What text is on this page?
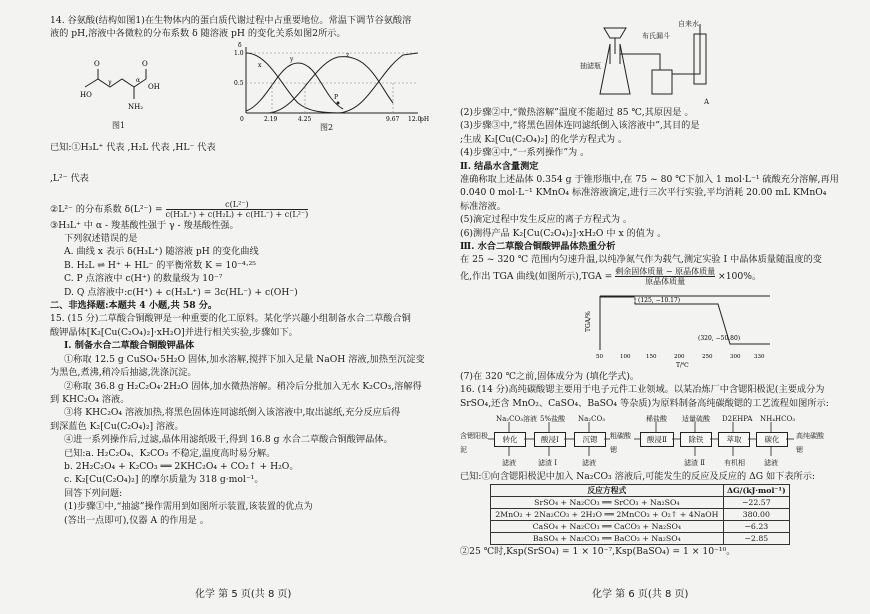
14. 谷氨酸(结构如图1)在生物体内的蛋白质代谢过程中占重要地位。常温下调节谷氨酸溶
液的 pH,溶液中各微粒的分布系数 δ 随溶液 pH 的变化关系如图2所示。
HO
O	O
OH
NH₂
γ	α
图1
1.0
0.5
δ
0	2.19	4.25	9.67 12.0
pH
x
y
z
P
图2
已知:①H₃L⁺ 代表 ,H₂L 代表 ,HL⁻ 代表
,L²⁻ 代表
②L²⁻ 的分布系数 $\delta(L^{2-}) = \frac{\text{c(L²⁻)}}{\text{c(H₃L⁺) + c(H₂L) + c(HL⁻) + c(L²⁻)}}$
③H₃L⁺ 中 α - 羧基酸性强于 γ - 羧基酸性强。
下列叙述错误的是
A. 曲线 x 表示 δ(H₃L⁺) 随溶液 pH 的变化曲线
B. H₂L ⇌ H⁺ + HL⁻ 的平衡常数 K = 10⁻⁴·²⁵
C. P 点溶液中 c(H⁺) 的数量级为 10⁻⁷
D. Q 点溶液中:c(H⁺) + c(H₃L⁺) = 3c(HL⁻) + c(OH⁻)
二、非选择题:本题共 4 小题,共 58 分。
15. (15 分)二草酸合铜酸钾是一种重要的化工原料。某化学兴趣小组制备水合二草酸合铜
酸钾晶体[K₂[Cu(C₂O₄)₂]·xH₂O]并进行相关实验,步骤如下。
Ⅰ. 制备水合二草酸合铜酸钾晶体
①称取 12.5 g CuSO₄·5H₂O 固体,加水溶解,搅拌下加入足量 NaOH 溶液,加热至沉淀变
为黑色,煮沸,稍冷后抽滤,洗涤沉淀。
②称取 36.8 g H₂C₂O₄·2H₂O 固体,加水微热溶解。稍冷后分批加入无水 K₂CO₃,溶解得
到 KHC₂O₄ 溶液。
③将 KHC₂O₄ 溶液加热,将黑色固体连同滤纸倒入该溶液中,取出滤纸,充分反应后得
到深蓝色 K₂[Cu(C₂O₄)₂] 溶液。
④进一系列操作后,过滤,晶体用滤纸吸干,得到 16.8 g 水合二草酸合铜酸钾晶体。
已知:a. H₂C₂O₄、K₂CO₃ 不稳定,温度高时易分解。
b. 2H₂C₂O₄ + K₂CO₃ ══ 2KHC₂O₄ + CO₂↑ + H₂O。
c. K₂[Cu(C₂O₄)₂] 的摩尔质量为 318 g·mol⁻¹。
回答下列问题:
(1)步骤①中,“抽滤”操作需用到如图所示装置,该装置的优点为
(答出一点即可),仪器 A 的作用是 。
化学 第 5 页(共 8 页)
自来水
布氏漏斗
抽滤瓶
A
(2)步骤②中,“微热溶解”温度不能超过 85 ℃,其原因是 。
(3)步骤③中,“将黑色固体连同滤纸倒入该溶液中”,其目的是
;生成 K₂[Cu(C₂O₄)₂] 的化学方程式为 。
(4)步骤④中,“一系列操作”为 。
Ⅱ. 结晶水含量测定
准确称取上述晶体 0.354 g 于锥形瓶中,在 75 ~ 80 ℃下加入 1 mol·L⁻¹ 硫酸充分溶解,再用
0.040 0 mol·L⁻¹ KMnO₄ 标准溶液滴定,进行三次平行实验,平均消耗 20.00 mL KMnO₄
标准溶液。
(5)滴定过程中发生反应的离子方程式为 。
(6)测得产品 K₂[Cu(C₂O₄)₂]·xH₂O 中 x 的值为 。
Ⅲ. 水合二草酸合铜酸钾晶体热重分析
在 25 ~ 320 ℃ 范围内匀速升温,以纯净氮气作为载气,测定实验 Ⅰ 中晶体质量随温度的变
化,作出 TGA 曲线(如图所示)$,TGA = \frac{\text{剩余固体质量 − 原晶体质量}}{\text{原晶体质量}} \times 100\%$。
TGA/%
(125, −10.17)
(320, −50.80)
50	100	150	200	250	300 330
T/℃
(7)在 320 ℃之前,固体成分为 (填化学式)。
16. (14 分)高纯碳酸锶主要用于电子元件工业领域。以某冶炼厂中含锶阳极泥(主要成分为
SrSO₄,还含 MnO₂、CaSO₄、BaSO₄ 等杂质)为原料制备高纯碳酸锶的工艺流程如图所示:
含锶阳极泥
转化	酸浸Ⅰ	沉锶	粗碳酸锶
酸浸Ⅱ	除铁	萃取	碳化	高纯碳酸锶
Na₂CO₃溶液 5%盐酸 Na₂CO₃	稀盐酸 适量硫酸 D2EHPA NH₄HCO₃
滤液	滤渣 Ⅰ	滤液	滤渣 Ⅱ	有机相	滤液
已知:①向含锶阳极泥中加入 Na₂CO₃ 溶液后,可能发生的反应及反应的 ΔG 如下表所示:
反应方程式	ΔG/(kJ·mol⁻¹)
SrSO₄ + Na₂CO₃ ══ SrCO₃ + Na₂SO₄	−22.57
2MnO₂ + 2Na₂CO₃ + 2H₂O ══ 2MnCO₃ + O₂↑ + 4NaOH	380.00
CaSO₄ + Na₂CO₃ ══ CaCO₃ + Na₂SO₄	−6.23
BaSO₄ + Na₂CO₃ ══ BaCO₃ + Na₂SO₄	−2.85
②25 ℃时,Ksp(SrSO₄) = 1 × 10⁻⁷,Ksp(BaSO₄) = 1 × 10⁻¹⁰。
化学 第 6 页(共 8 页)
